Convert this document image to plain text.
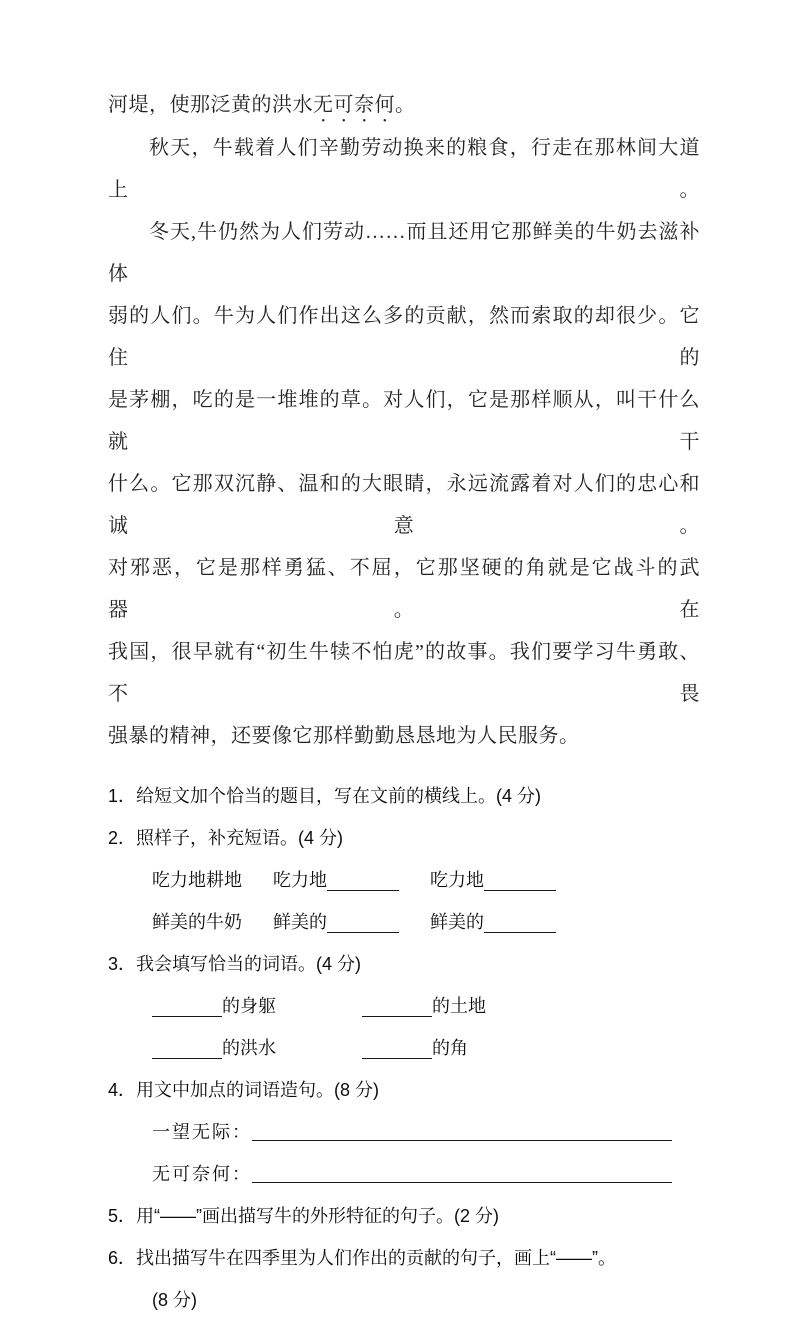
河堤，使那泛黄的洪水无可奈何。
秋天，牛载着人们辛勤劳动换来的粮食，行走在那林间大道上。
冬天,牛仍然为人们劳动……而且还用它那鲜美的牛奶去滋补体
弱的人们。牛为人们作出这么多的贡献，然而索取的却很少。它住的
是茅棚，吃的是一堆堆的草。对人们，它是那样顺从，叫干什么就干
什么。它那双沉静、温和的大眼睛，永远流露着对人们的忠心和诚意。
对邪恶，它是那样勇猛、不屈，它那坚硬的角就是它战斗的武器。在
我国，很早就有“初生牛犊不怕虎”的故事。我们要学习牛勇敢、不畏
强暴的精神，还要像它那样勤勤恳恳地为人民服务。
1．给短文加个恰当的题目，写在文前的横线上。(4 分)
2．照样子，补充短语。(4 分)
吃力地耕地	吃力地	吃力地
鲜美的牛奶	鲜美的	鲜美的
3．我会填写恰当的词语。(4 分)
的身躯	的土地
的洪水	的角
4．用文中加点的词语造句。(8 分)
一望无际：
无可奈何：
5．用“——”画出描写牛的外形特征的句子。(2 分)
6．找出描写牛在四季里为人们作出的贡献的句子，画上“——”。
(8 分)
